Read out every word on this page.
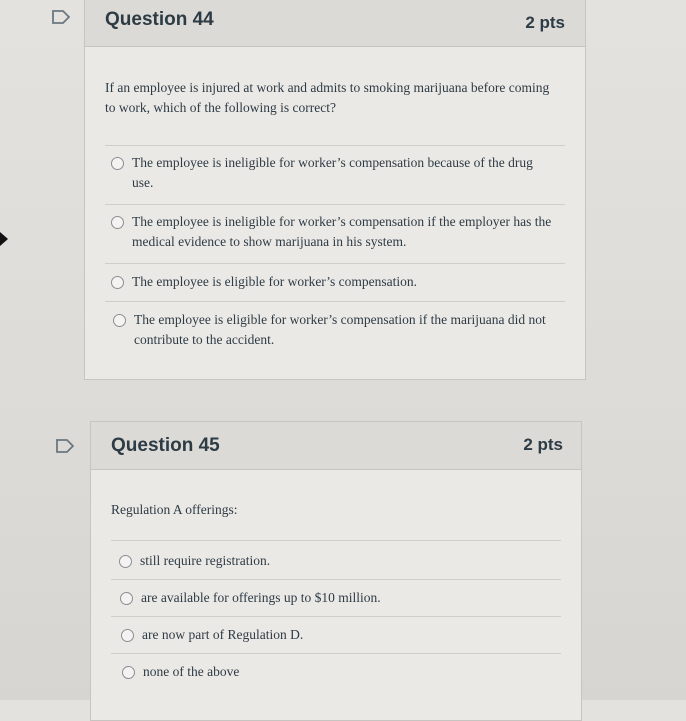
Question 44	2 pts
If an employee is injured at work and admits to smoking marijuana before coming to work, which of the following is correct?
The employee is ineligible for worker’s compensation because of the drug use.
The employee is ineligible for worker’s compensation if the employer has the medical evidence to show marijuana in his system.
The employee is eligible for worker’s compensation.
The employee is eligible for worker’s compensation if the marijuana did not contribute to the accident.
Question 45	2 pts
Regulation A offerings:
still require registration.
are available for offerings up to $10 million.
are now part of Regulation D.
none of the above
